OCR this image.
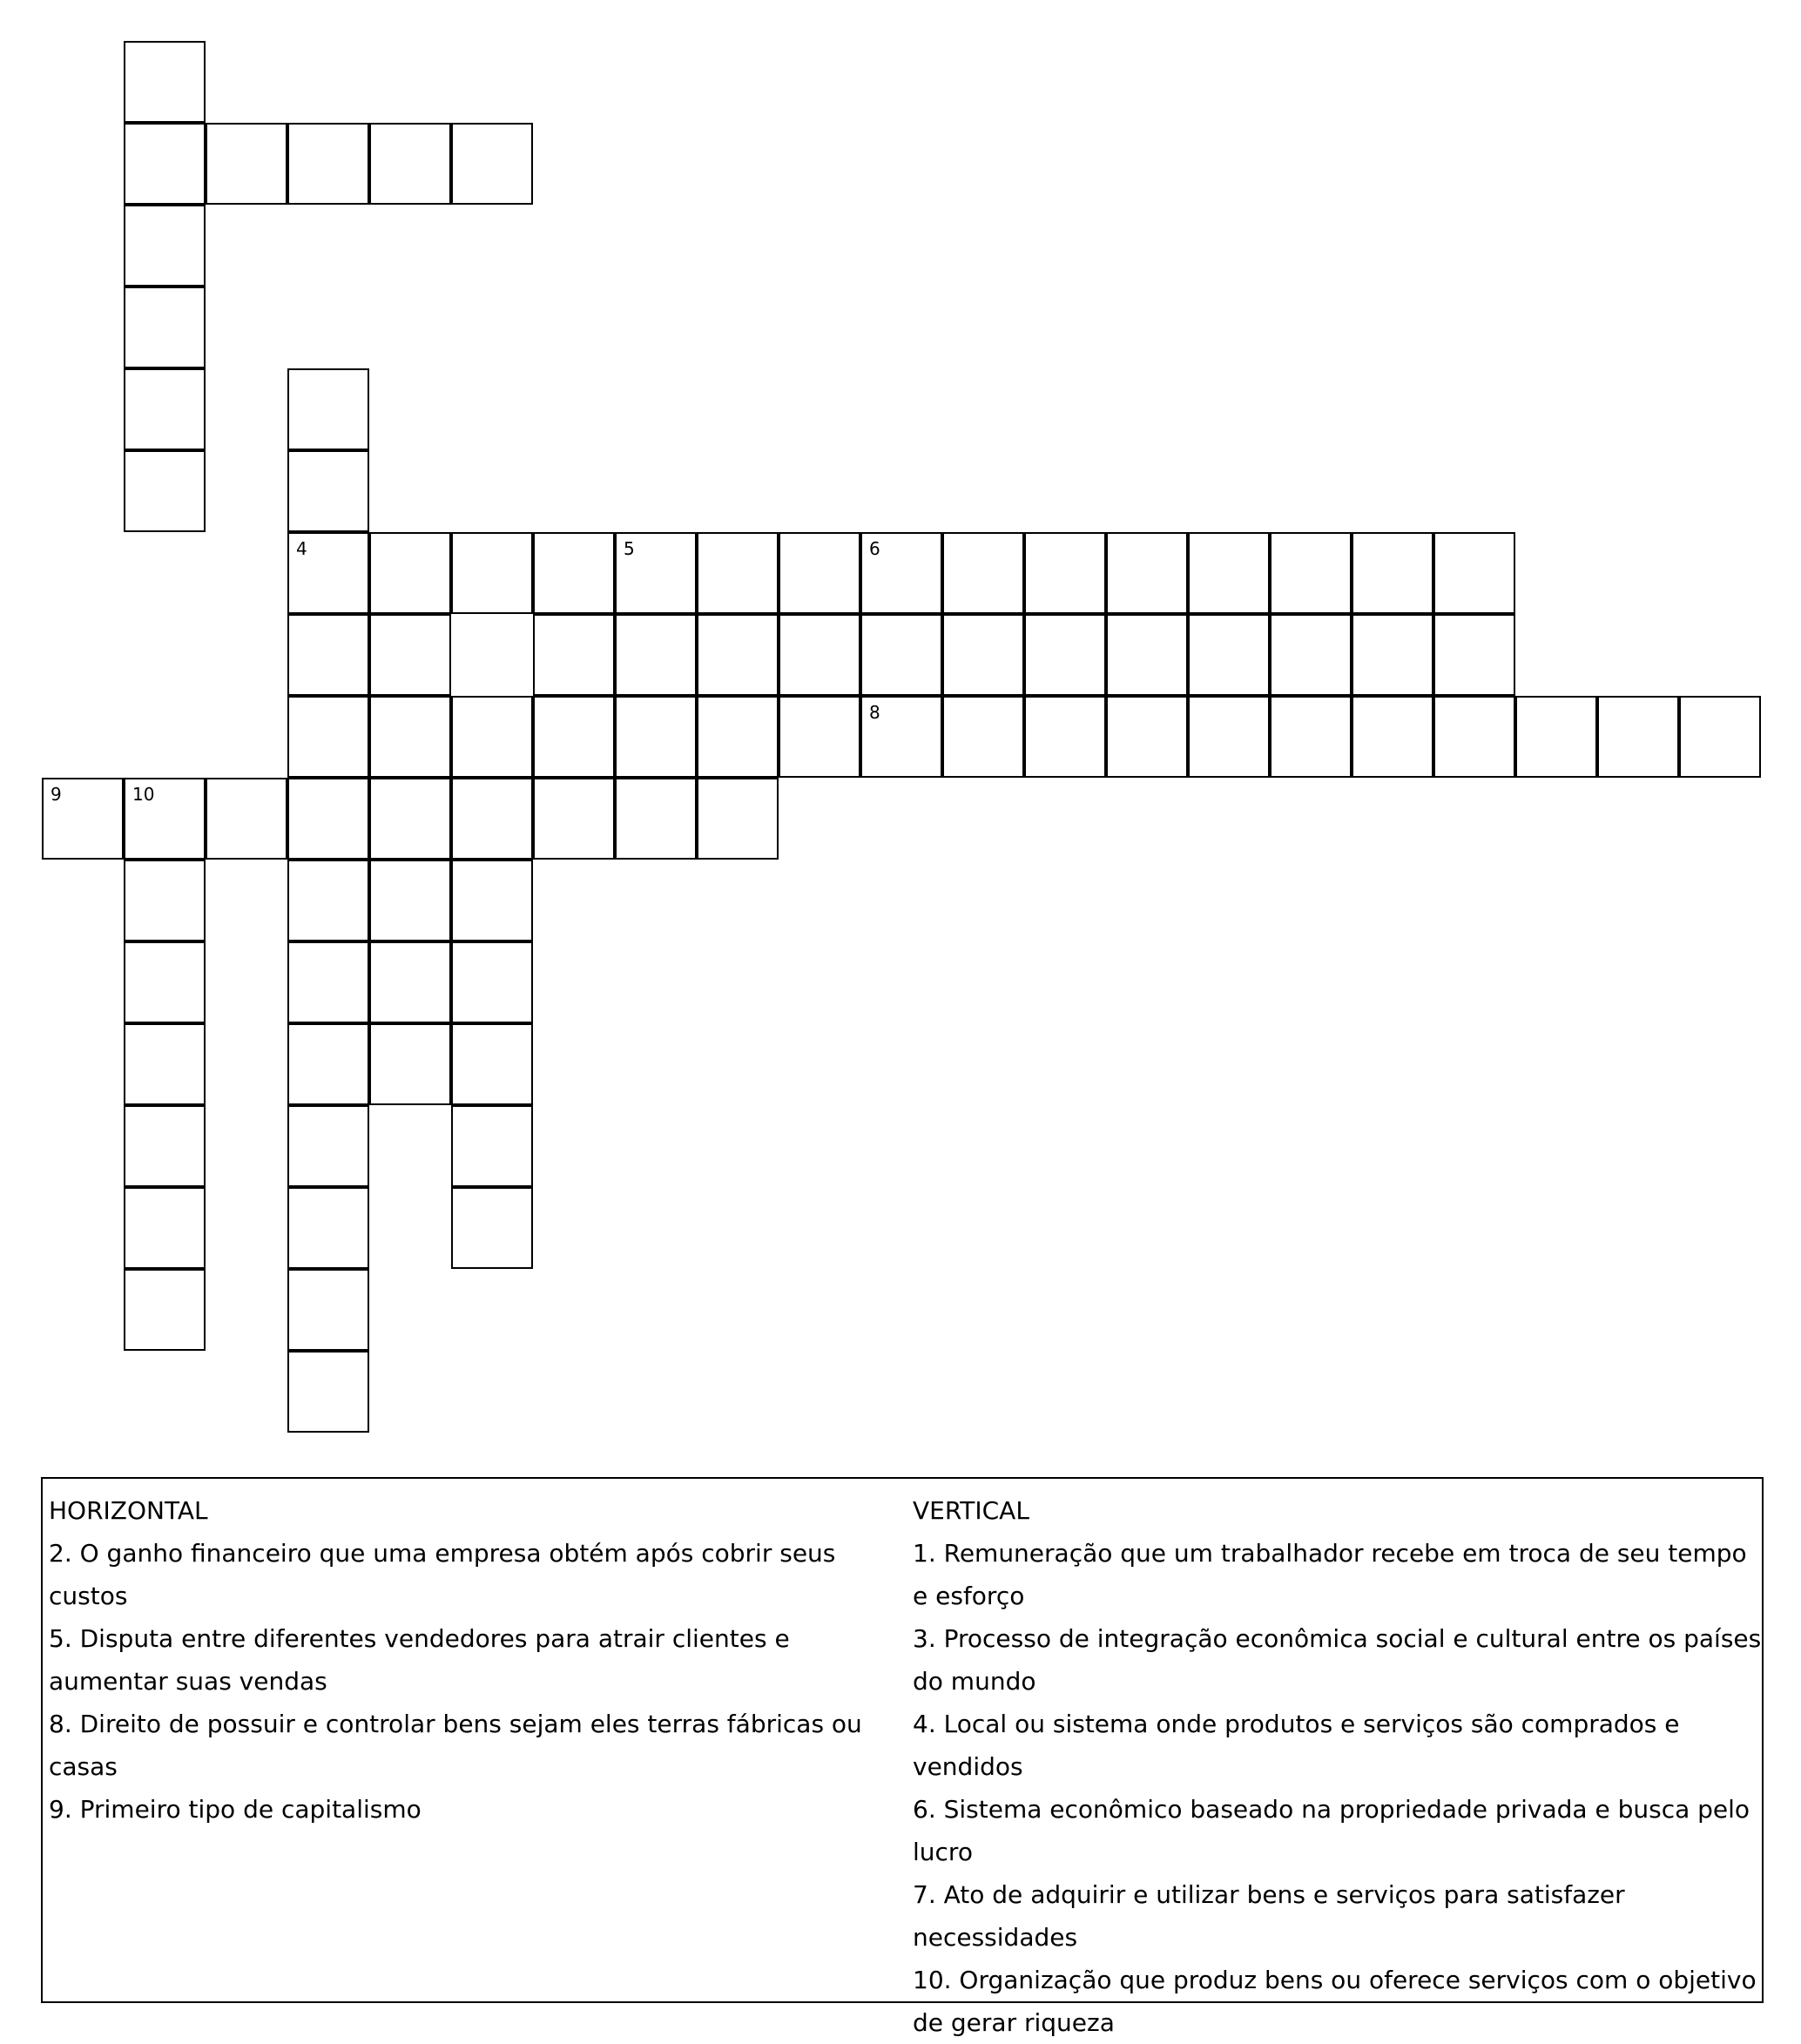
4	5	6
8
9	10

HORIZONTAL

2. O ganho financeiro que uma empresa obtém após cobrir seus custos

5. Disputa entre diferentes vendedores para atrair clientes e aumentar suas vendas

8. Direito de possuir e controlar bens sejam eles terras fábricas ou casas

9. Primeiro tipo de capitalismo

VERTICAL

1. Remuneração que um trabalhador recebe em troca de seu tempo e esforço

3. Processo de integração econômica social e cultural entre os países do mundo

4. Local ou sistema onde produtos e serviços são comprados e vendidos

6. Sistema econômico baseado na propriedade privada e busca pelo lucro

7. Ato de adquirir e utilizar bens e serviços para satisfazer necessidades

10. Organização que produz bens ou oferece serviços com o objetivo de gerar riqueza
